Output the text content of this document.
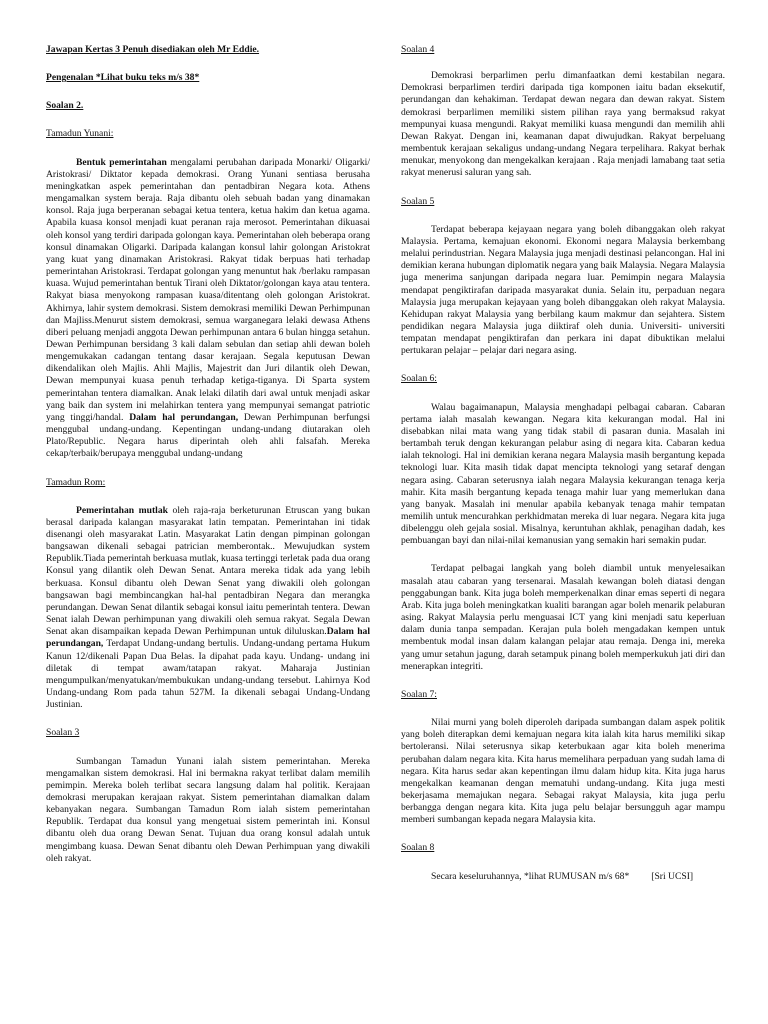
Jawapan Kertas 3 Penuh disediakan oleh Mr Eddie.
Pengenalan *Lihat buku teks m/s 38*
Soalan 2.
Tamadun Yunani:

Bentuk pemerintahan mengalami perubahan daripada Monarki/ Oligarki/ Aristokrasi/ Diktator kepada demokrasi. Orang Yunani sentiasa berusaha meningkatkan aspek pemerintahan dan pentadbiran Negara kota. Athens mengamalkan system beraja. Raja dibantu oleh sebuah badan yang dinamakan konsol. Raja juga berperanan sebagai ketua tentera, ketua hakim dan ketua agama. Apabila kuasa konsol menjadi kuat peranan raja merosot. Pemerintahan dikuasai oleh konsol yang terdiri daripada golongan kaya. Pemerintahan oleh beberapa orang konsul dinamakan Oligarki. Daripada kalangan konsul lahir golongan Aristokrat yang kuat yang dinamakan Aristokrasi. Rakyat tidak berpuas hati terhadap pemerintahan Aristokrasi. Terdapat golongan yang menuntut hak /berlaku rampasan kuasa. Wujud pemerintahan bentuk Tirani oleh Diktator/golongan kaya atau tentera. Rakyat biasa menyokong rampasan kuasa/ditentang oleh golongan Aristokrat. Akhirnya, lahir system demokrasi. Sistem demokrasi memiliki Dewan Perhimpunan dan Majliss.Menurut sistem demokrasi, semua warganegara lelaki dewasa Athens diberi peluang menjadi anggota Dewan perhimpunan antara 6 bulan hingga setahun. Dewan Perhimpunan bersidang 3 kali dalam sebulan dan setiap ahli dewan boleh mengemukakan cadangan tentang dasar kerajaan. Segala keputusan Dewan dikendalikan oleh Majlis. Ahli Majlis, Majestrit dan Juri dilantik oleh Dewan, Dewan mempunyai kuasa penuh terhadap ketiga-tiganya. Di Sparta system pemerintahan tentera diamalkan. Anak lelaki dilatih dari awal untuk menjadi askar yang baik dan system ini melahirkan tentera yang mempunyai semangat patriotic yang tinggi/handal. Dalam hal perundangan, Dewan Perhimpunan berfungsi menggubal undang-undang. Kepentingan undang-undang diutarakan oleh Plato/Republic. Negara harus diperintah oleh ahli falsafah. Mereka cekap/terbaik/berupaya menggubal undang-undang

Tamadun Rom:

Pemerintahan mutlak oleh raja-raja berketurunan Etruscan yang bukan berasal daripada kalangan masyarakat latin tempatan. Pemerintahan ini tidak disenangi oleh masyarakat Latin. Masyarakat Latin dengan pimpinan golongan bangsawan dikenali sebagai patrician memberontak.. Mewujudkan system Republik.Tiada pemerintah berkuasa mutlak, kuasa tertinggi terletak pada dua orang Konsul yang dilantik oleh Dewan Senat. Antara mereka tidak ada yang lebih berkuasa. Konsul dibantu oleh Dewan Senat yang diwakili oleh golongan bangsawan bagi membincangkan hal-hal pentadbiran Negara dan merangka perundangan. Dewan Senat dilantik sebagai konsul iaitu pemerintah tentera. Dewan Senat ialah Dewan perhimpunan yang diwakili oleh semua rakyat. Segala Dewan Senat akan disampaikan kepada Dewan Perhimpunan untuk diluluskan.Dalam hal perundangan, Terdapat Undang-undang bertulis. Undang-undang pertama Hukum Kanun 12/dikenali Papan Dua Belas. Ia dipahat pada kayu. Undang- undang ini diletak di tempat awam/tatapan rakyat. Maharaja Justinian mengumpulkan/menyatukan/membukukan undang-undang tersebut. Lahirnya Kod Undang-undang Rom pada tahun 527M. Ia dikenali sebagai Undang-Undang Justinian.

Soalan 3

Sumbangan Tamadun Yunani ialah sistem pemerintahan. Mereka mengamalkan sistem demokrasi. Hal ini bermakna rakyat terlibat dalam memilih pemimpin. Mereka boleh terlibat secara langsung dalam hal politik. Kerajaan demokrasi merupakan kerajaan rakyat. Sistem pemerintahan diamalkan dalam kebanyakan negara. Sumbangan Tamadun Rom ialah sistem pemerintahan Republik. Terdapat dua konsul yang mengetuai sistem pemerintah ini. Konsul dibantu oleh dua orang Dewan Senat. Tujuan dua orang konsul adalah untuk mengimbang kuasa. Dewan Senat dibantu oleh Dewan Perhimpuan yang diwakili oleh rakyat.

Soalan 4

Demokrasi berparlimen perlu dimanfaatkan demi kestabilan negara. Demokrasi berparlimen terdiri daripada tiga komponen iaitu badan eksekutif, perundangan dan kehakiman. Terdapat dewan negara dan dewan rakyat. Sistem demokrasi berparlimen memiliki sistem pilihan raya yang bermaksud rakyat mempunyai kuasa mengundi. Rakyat memiliki kuasa mengundi dan memilih ahli Dewan Rakyat. Dengan ini, keamanan dapat diwujudkan. Rakyat berpeluang membentuk kerajaan sekaligus undang-undang Negara terpelihara. Rakyat berhak menukar, menyokong dan mengekalkan kerajaan . Raja menjadi lamabang taat setia rakyat menerusi saluran yang sah.

Soalan 5

Terdapat beberapa kejayaan negara yang boleh dibanggakan oleh rakyat Malaysia. Pertama, kemajuan ekonomi. Ekonomi negara Malaysia berkembang melalui perindustrian. Negara Malaysia juga menjadi destinasi pelancongan. Hal ini demikian kerana hubungan diplomatik negara yang baik Malaysia. Negara Malaysia juga menerima sanjungan daripada negara luar. Pemimpin negara Malaysia mendapat pengiktirafan daripada masyarakat dunia. Selain itu, perpaduan negara Malaysia juga merupakan kejayaan yang boleh dibanggakan oleh rakyat Malaysia. Kehidupan rakyat Malaysia yang berbilang kaum makmur dan sejahtera. Sistem pendidikan negara Malaysia juga diiktiraf oleh dunia. Universiti- universiti tempatan mendapat pengiktirafan dan perkara ini dapat dibuktikan melalui pertukaran pelajar – pelajar dari negara asing.

Soalan 6:

Walau bagaimanapun, Malaysia menghadapi pelbagai cabaran. Cabaran pertama ialah masalah kewangan. Negara kita kekurangan modal. Hal ini disebabkan nilai mata wang yang tidak stabil di pasaran dunia. Masalah ini bertambah teruk dengan kekurangan pelabur asing di negara kita. Cabaran kedua ialah teknologi. Hal ini demikian kerana negara Malaysia masih bergantung kepada teknologi luar. Kita masih tidak dapat mencipta teknologi yang setaraf dengan negara asing. Cabaran seterusnya ialah negara Malaysia kekurangan tenaga kerja mahir. Kita masih bergantung kepada tenaga mahir luar yang memerlukan dana yang banyak. Masalah ini menular apabila kebanyak tenaga mahir tempatan memilih untuk mencurahkan perkhidmatan mereka di luar negara. Negara kita juga dibelenggu oleh gejala sosial. Misalnya, keruntuhan akhlak, penagihan dadah, kes pembuangan bayi dan nilai-nilai kemanusian yang semakin hari semakin pudar.

Terdapat pelbagai langkah yang boleh diambil untuk menyelesaikan masalah atau cabaran yang tersenarai. Masalah kewangan boleh diatasi dengan penggabungan bank. Kita juga boleh memperkenalkan dinar emas seperti di negara Arab. Kita juga boleh meningkatkan kualiti barangan agar boleh menarik pelaburan asing. Rakyat Malaysia perlu menguasai ICT yang kini menjadi satu keperluan dalam dunia tanpa sempadan. Kerajan pula boleh mengadakan kempen untuk membentuk modal insan dalam kalangan pelajar atau remaja. Denga ini, mereka yang umur setahun jagung, darah setampuk pinang boleh memperkukuh jati diri dan menerapkan integriti.

Soalan 7:

Nilai murni yang boleh diperoleh daripada sumbangan dalam aspek politik yang boleh diterapkan demi kemajuan negara kita ialah kita harus memiliki sikap bertoleransi. Nilai seterusnya sikap keterbukaan agar kita boleh menerima perubahan dalam negara kita. Kita harus memelihara perpaduan yang sudah lama di negara. Kita harus sedar akan kepentingan ilmu dalam hidup kita. Kita juga harus mengekalkan keamanan dengan mematuhi undang-undang. Kita juga mesti bekerjasama memajukan negara. Sebagai rakyat Malaysia, kita juga perlu berbangga dengan negara kita. Kita juga pelu belajar bersungguh agar mampu memberi sumbangan kepada negara Malaysia kita.

Soalan 8

Secara keseluruhannya, *lihat RUMUSAN m/s 68* [Sri UCSI]
